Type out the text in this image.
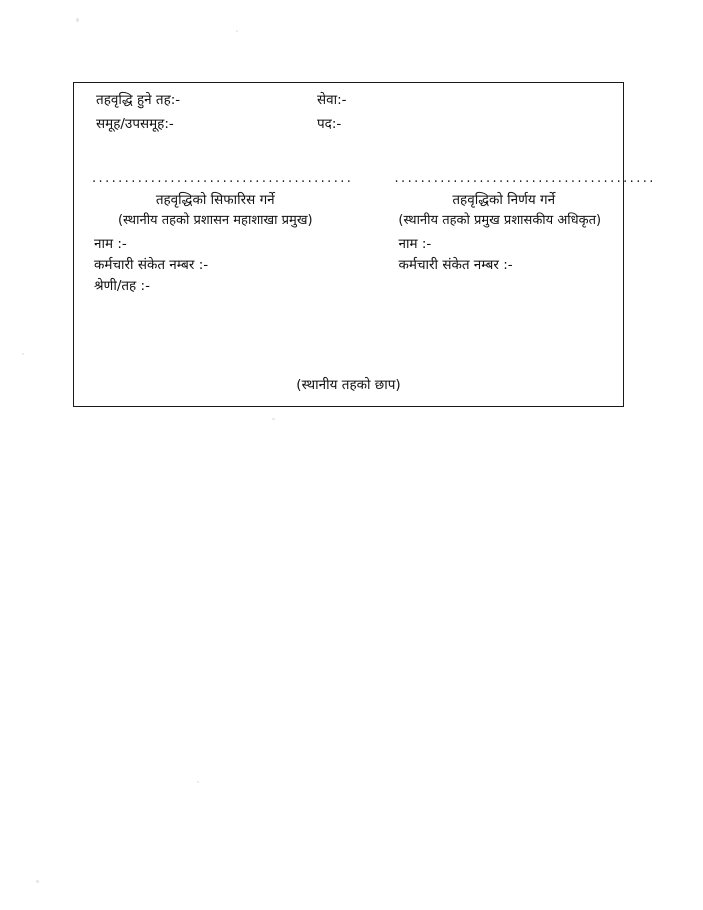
तहवृद्धि हुने तह:-	सेवा:-
समूह/उपसमूह:-	पद:-
........................................
तहवृद्धिको सिफारिस गर्ने
(स्थानीय तहको प्रशासन महाशाखा प्रमुख)
नाम :-
कर्मचारी संकेत नम्बर :-
श्रेणी/तह :-
........................................
तहवृद्धिको निर्णय गर्ने
(स्थानीय तहको प्रमुख प्रशासकीय अधिकृत)
नाम :-
कर्मचारी संकेत नम्बर :-
(स्थानीय तहको छाप)
